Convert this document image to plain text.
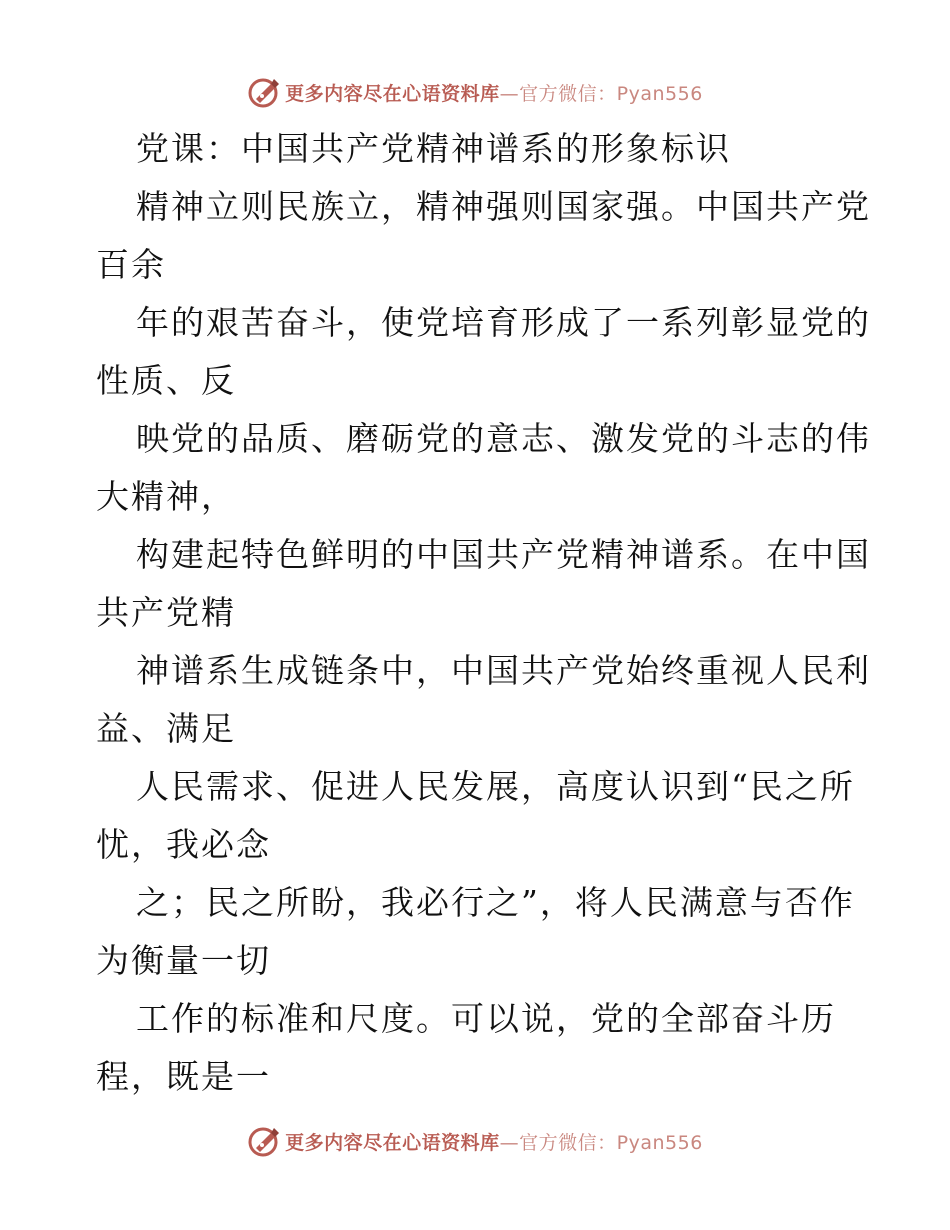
更多内容尽在心语资料库—官方微信：Pyan556
党课：中国共产党精神谱系的形象标识
精神立则民族立，精神强则国家强。中国共产党
百余
年的艰苦奋斗，使党培育形成了一系列彰显党的
性质、反
映党的品质、磨砺党的意志、激发党的斗志的伟
大精神，
构建起特色鲜明的中国共产党精神谱系。在中国
共产党精
神谱系生成链条中，中国共产党始终重视人民利
益、满足
人民需求、促进人民发展，高度认识到“民之所
忧，我必念
之；民之所盼，我必行之”，将人民满意与否作
为衡量一切
工作的标准和尺度。可以说，党的全部奋斗历
程，既是一
更多内容尽在心语资料库—官方微信：Pyan556
